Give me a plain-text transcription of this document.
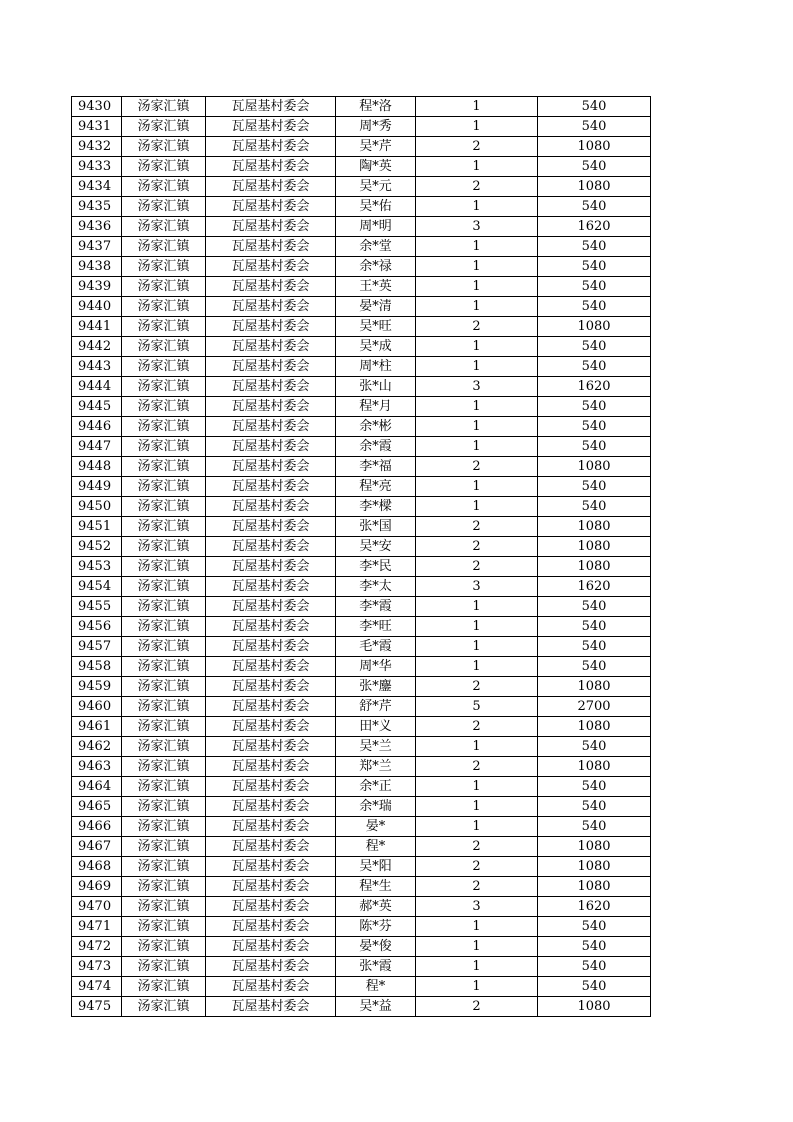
9430	汤家汇镇	瓦屋基村委会	程*洛	1	540
9431	汤家汇镇	瓦屋基村委会	周*秀	1	540
9432	汤家汇镇	瓦屋基村委会	吴*芹	2	1080
9433	汤家汇镇	瓦屋基村委会	陶*英	1	540
9434	汤家汇镇	瓦屋基村委会	吴*元	2	1080
9435	汤家汇镇	瓦屋基村委会	吴*佑	1	540
9436	汤家汇镇	瓦屋基村委会	周*明	3	1620
9437	汤家汇镇	瓦屋基村委会	余*堂	1	540
9438	汤家汇镇	瓦屋基村委会	余*禄	1	540
9439	汤家汇镇	瓦屋基村委会	王*英	1	540
9440	汤家汇镇	瓦屋基村委会	晏*清	1	540
9441	汤家汇镇	瓦屋基村委会	吴*旺	2	1080
9442	汤家汇镇	瓦屋基村委会	吴*成	1	540
9443	汤家汇镇	瓦屋基村委会	周*柱	1	540
9444	汤家汇镇	瓦屋基村委会	张*山	3	1620
9445	汤家汇镇	瓦屋基村委会	程*月	1	540
9446	汤家汇镇	瓦屋基村委会	余*彬	1	540
9447	汤家汇镇	瓦屋基村委会	余*霞	1	540
9448	汤家汇镇	瓦屋基村委会	李*福	2	1080
9449	汤家汇镇	瓦屋基村委会	程*亮	1	540
9450	汤家汇镇	瓦屋基村委会	李*樑	1	540
9451	汤家汇镇	瓦屋基村委会	张*国	2	1080
9452	汤家汇镇	瓦屋基村委会	吴*安	2	1080
9453	汤家汇镇	瓦屋基村委会	李*民	2	1080
9454	汤家汇镇	瓦屋基村委会	李*太	3	1620
9455	汤家汇镇	瓦屋基村委会	李*霞	1	540
9456	汤家汇镇	瓦屋基村委会	李*旺	1	540
9457	汤家汇镇	瓦屋基村委会	毛*霞	1	540
9458	汤家汇镇	瓦屋基村委会	周*华	1	540
9459	汤家汇镇	瓦屋基村委会	张*鏖	2	1080
9460	汤家汇镇	瓦屋基村委会	舒*芹	5	2700
9461	汤家汇镇	瓦屋基村委会	田*义	2	1080
9462	汤家汇镇	瓦屋基村委会	吴*兰	1	540
9463	汤家汇镇	瓦屋基村委会	郑*兰	2	1080
9464	汤家汇镇	瓦屋基村委会	余*正	1	540
9465	汤家汇镇	瓦屋基村委会	余*瑞	1	540
9466	汤家汇镇	瓦屋基村委会	晏*	1	540
9467	汤家汇镇	瓦屋基村委会	程*	2	1080
9468	汤家汇镇	瓦屋基村委会	吴*阳	2	1080
9469	汤家汇镇	瓦屋基村委会	程*生	2	1080
9470	汤家汇镇	瓦屋基村委会	郝*英	3	1620
9471	汤家汇镇	瓦屋基村委会	陈*芬	1	540
9472	汤家汇镇	瓦屋基村委会	晏*俊	1	540
9473	汤家汇镇	瓦屋基村委会	张*霞	1	540
9474	汤家汇镇	瓦屋基村委会	程*	1	540
9475	汤家汇镇	瓦屋基村委会	吴*益	2	1080
